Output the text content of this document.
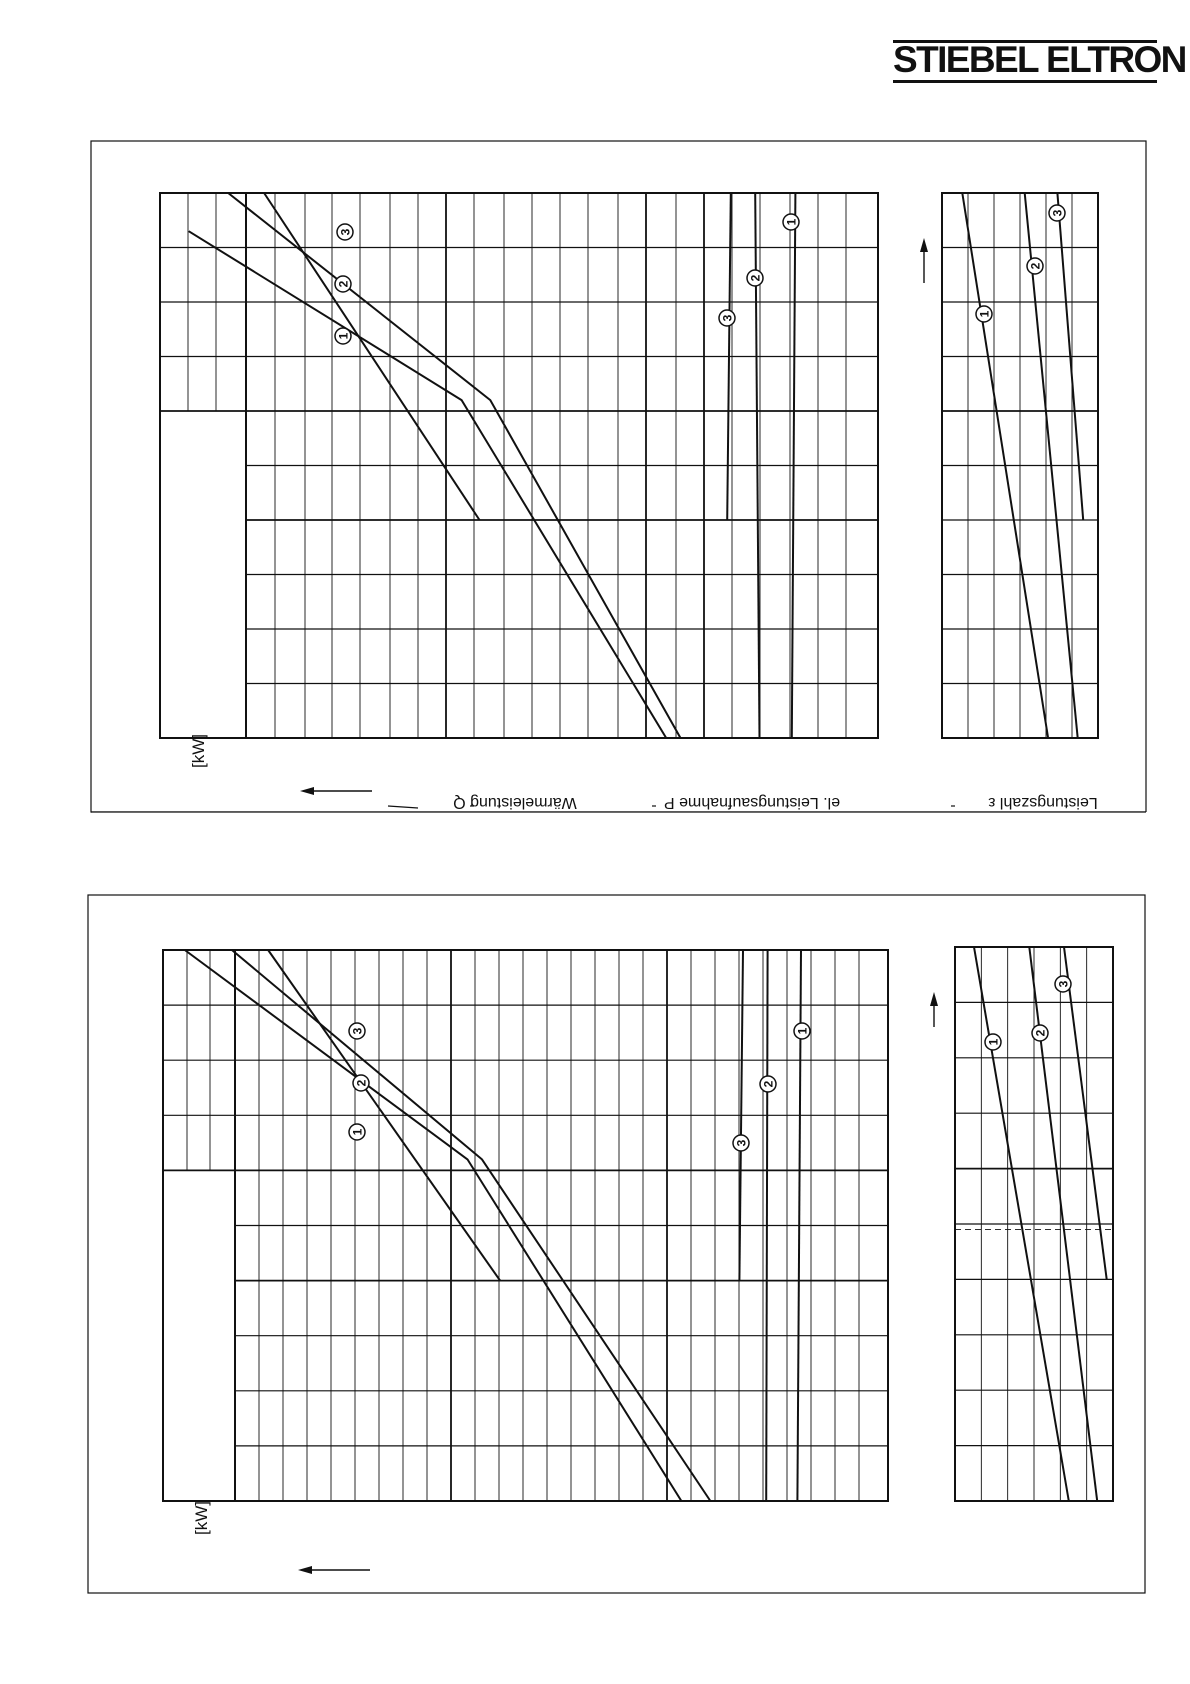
STIEBEL ELTRON
1
2
3
3
2
1
1
2
3
[kW]
Wärmeleistung Q	el. Leistungsaufnahme P	Leistungszahl ε
1
2
3
3
2
1
1
2
3
[kW]
